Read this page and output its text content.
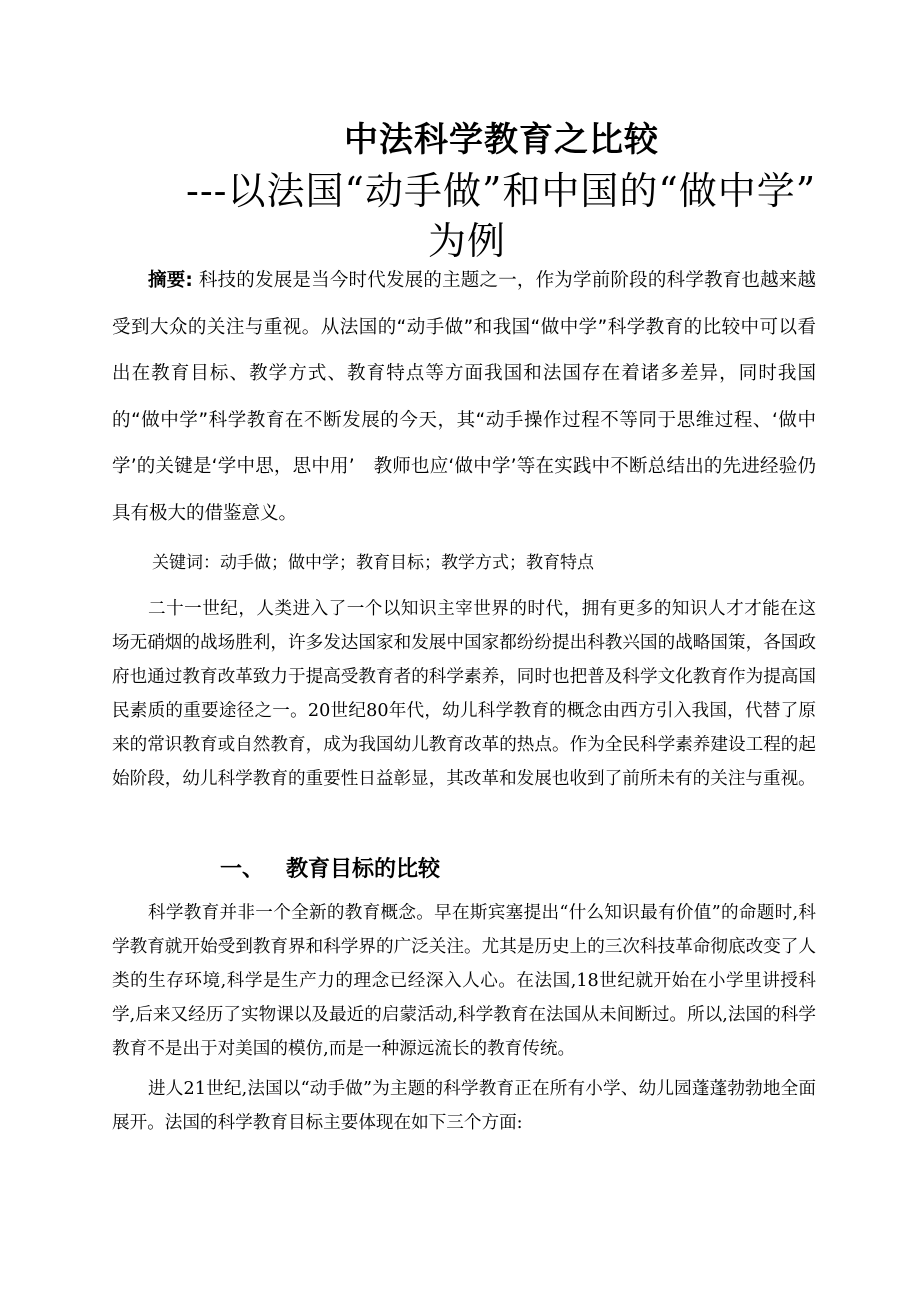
中法科学教育之比较
---以法国“动手做”和中国的“做中学”
为例

摘要: 科技的发展是当今时代发展的主题之一，作为学前阶段的科学教育也越来越受到大众的关注与重视。从法国的“动手做”和我国“做中学”科学教育的比较中可以看出在教育目标、教学方式、教育特点等方面我国和法国存在着诸多差异，同时我国的“做中学”科学教育在不断发展的今天，其“动手操作过程不等同于思维过程、‘做中学’的关键是‘学中思，思中用’　教师也应‘做中学’等在实践中不断总结出的先进经验仍具有极大的借鉴意义。

关键词：动手做；做中学；教育目标；教学方式；教育特点

二十一世纪，人类进入了一个以知识主宰世界的时代，拥有更多的知识人才才能在这场无硝烟的战场胜利，许多发达国家和发展中国家都纷纷提出科教兴国的战略国策，各国政府也通过教育改革致力于提高受教育者的科学素养，同时也把普及科学文化教育作为提高国民素质的重要途径之一。20世纪80年代，幼儿科学教育的概念由西方引入我国，代替了原来的常识教育或自然教育，成为我国幼儿教育改革的热点。作为全民科学素养建设工程的起始阶段，幼儿科学教育的重要性日益彰显，其改革和发展也收到了前所未有的关注与重视。

一、 教育目标的比较

科学教育并非一个全新的教育概念。早在斯宾塞提出“什么知识最有价值”的命题时,科学教育就开始受到教育界和科学界的广泛关注。尤其是历史上的三次科技革命彻底改变了人类的生存环境,科学是生产力的理念已经深入人心。在法国,18世纪就开始在小学里讲授科学,后来又经历了实物课以及最近的启蒙活动,科学教育在法国从未间断过。所以,法国的科学教育不是出于对美国的模仿,而是一种源远流长的教育传统。

进人21世纪,法国以“动手做”为主题的科学教育正在所有小学、幼儿园蓬蓬勃勃地全面展开。法国的科学教育目标主要体现在如下三个方面:
